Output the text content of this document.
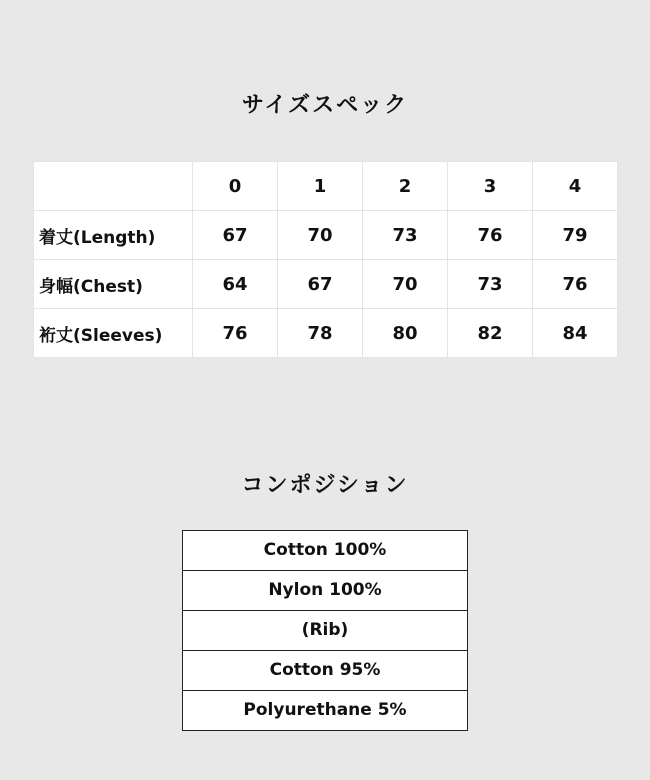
サイズスペック
	0	1	2	3	4
着丈(Length)	67	70	73	76	79
身幅(Chest)	64	67	70	73	76
裄丈(Sleeves)	76	78	80	82	84
コンポジション
Cotton 100%
Nylon 100%
(Rib)
Cotton 95%
Polyurethane 5%
